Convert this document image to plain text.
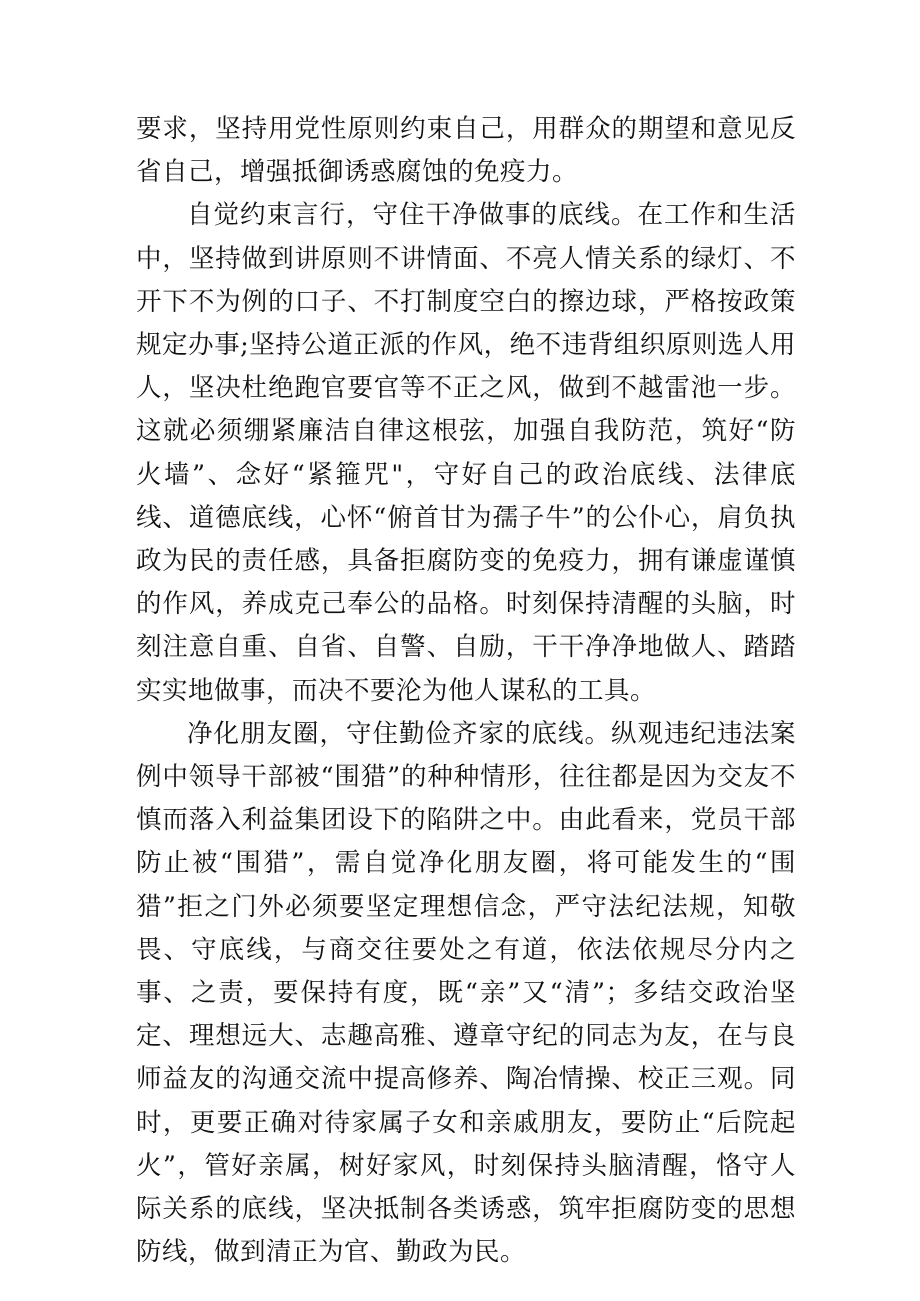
要求，坚持用党性原则约束自己，用群众的期望和意见反省自己，增强抵御诱惑腐蚀的免疫力。

自觉约束言行，守住干净做事的底线。在工作和生活中，坚持做到讲原则不讲情面、不亮人情关系的绿灯、不开下不为例的口子、不打制度空白的擦边球，严格按政策规定办事;坚持公道正派的作风，绝不违背组织原则选人用人，坚决杜绝跑官要官等不正之风，做到不越雷池一步。这就必须绷紧廉洁自律这根弦，加强自我防范，筑好“防火墙”、念好“紧箍咒"，守好自己的政治底线、法律底线、道德底线，心怀“俯首甘为孺子牛”的公仆心，肩负执政为民的责任感，具备拒腐防变的免疫力，拥有谦虚谨慎的作风，养成克己奉公的品格。时刻保持清醒的头脑，时刻注意自重、自省、自警、自励，干干净净地做人、踏踏实实地做事，而决不要沦为他人谋私的工具。

净化朋友圈，守住勤俭齐家的底线。纵观违纪违法案例中领导干部被“围猎”的种种情形，往往都是因为交友不慎而落入利益集团设下的陷阱之中。由此看来，党员干部防止被“围猎”，需自觉净化朋友圈，将可能发生的“围猎”拒之门外必须要坚定理想信念，严守法纪法规，知敬畏、守底线，与商交往要处之有道，依法依规尽分内之事、之责，要保持有度，既“亲”又“清”；多结交政治坚定、理想远大、志趣高雅、遵章守纪的同志为友，在与良师益友的沟通交流中提高修养、陶冶情操、校正三观。同时，更要正确对待家属子女和亲戚朋友，要防止“后院起火”，管好亲属，树好家风，时刻保持头脑清醒，恪守人际关系的底线，坚决抵制各类诱惑，筑牢拒腐防变的思想防线，做到清正为官、勤政为民。
